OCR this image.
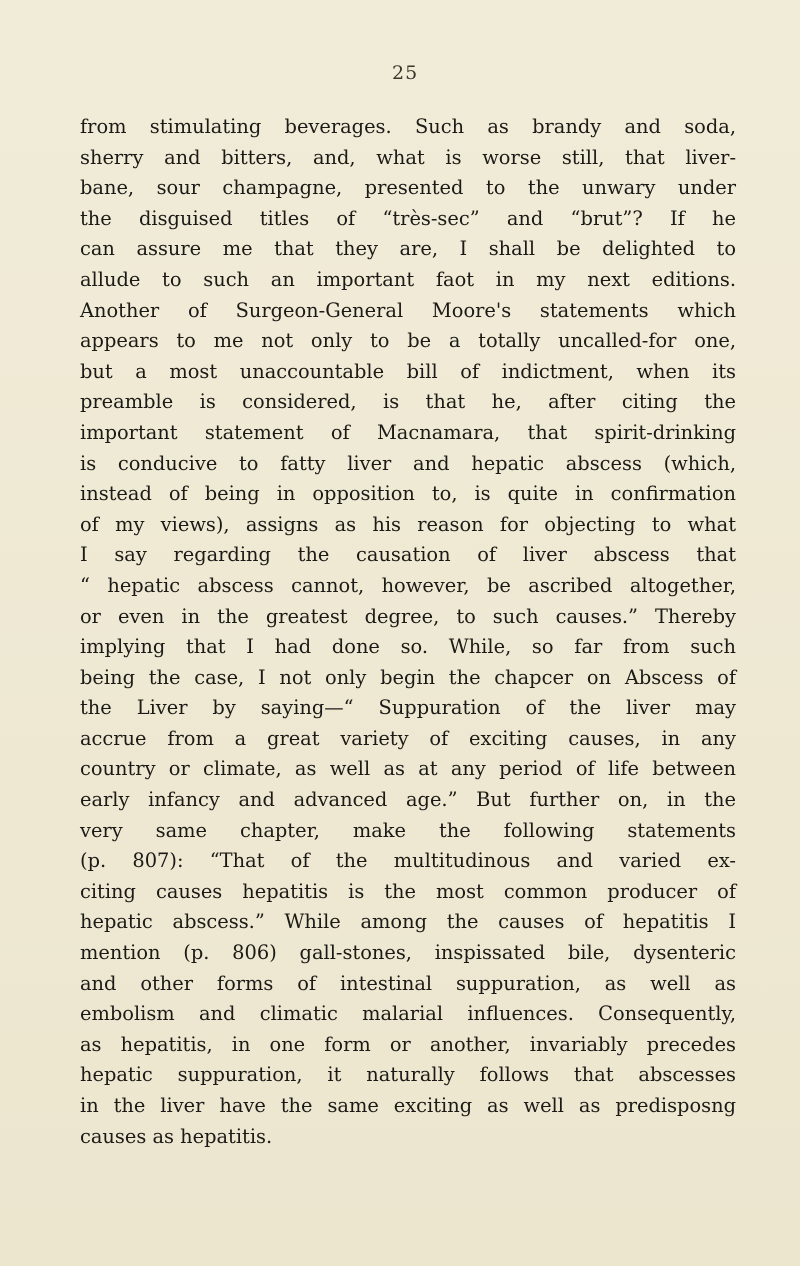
25
from stimulating beverages. Such as brandy and soda,
sherry and bitters, and, what is worse still, that liver-
bane, sour champagne, presented to the unwary under
the disguised titles of “très-sec” and “brut”? If he
can assure me that they are, I shall be delighted to
allude to such an important faot in my next editions.
Another of Surgeon-General Moore's statements which
appears to me not only to be a totally uncalled-for one,
but a most unaccountable bill of indictment, when its
preamble is considered, is that he, after citing the
important statement of Macnamara, that spirit-drinking
is conducive to fatty liver and hepatic abscess (which,
instead of being in opposition to, is quite in confirmation
of my views), assigns as his reason for objecting to what
I say regarding the causation of liver abscess that
“ hepatic abscess cannot, however, be ascribed altogether,
or even in the greatest degree, to such causes.” Thereby
implying that I had done so. While, so far from such
being the case, I not only begin the chapcer on Abscess of
the Liver by saying—“ Suppuration of the liver may
accrue from a great variety of exciting causes, in any
country or climate, as well as at any period of life between
early infancy and advanced age.” But further on, in the
very same chapter, make the following statements
(p. 807): “That of the multitudinous and varied ex-
citing causes hepatitis is the most common producer of
hepatic abscess.” While among the causes of hepatitis I
mention (p. 806) gall-stones, inspissated bile, dysenteric
and other forms of intestinal suppuration, as well as
embolism and climatic malarial influences. Consequently,
as hepatitis, in one form or another, invariably precedes
hepatic suppuration, it naturally follows that abscesses
in the liver have the same exciting as well as predisposng
causes as hepatitis.
